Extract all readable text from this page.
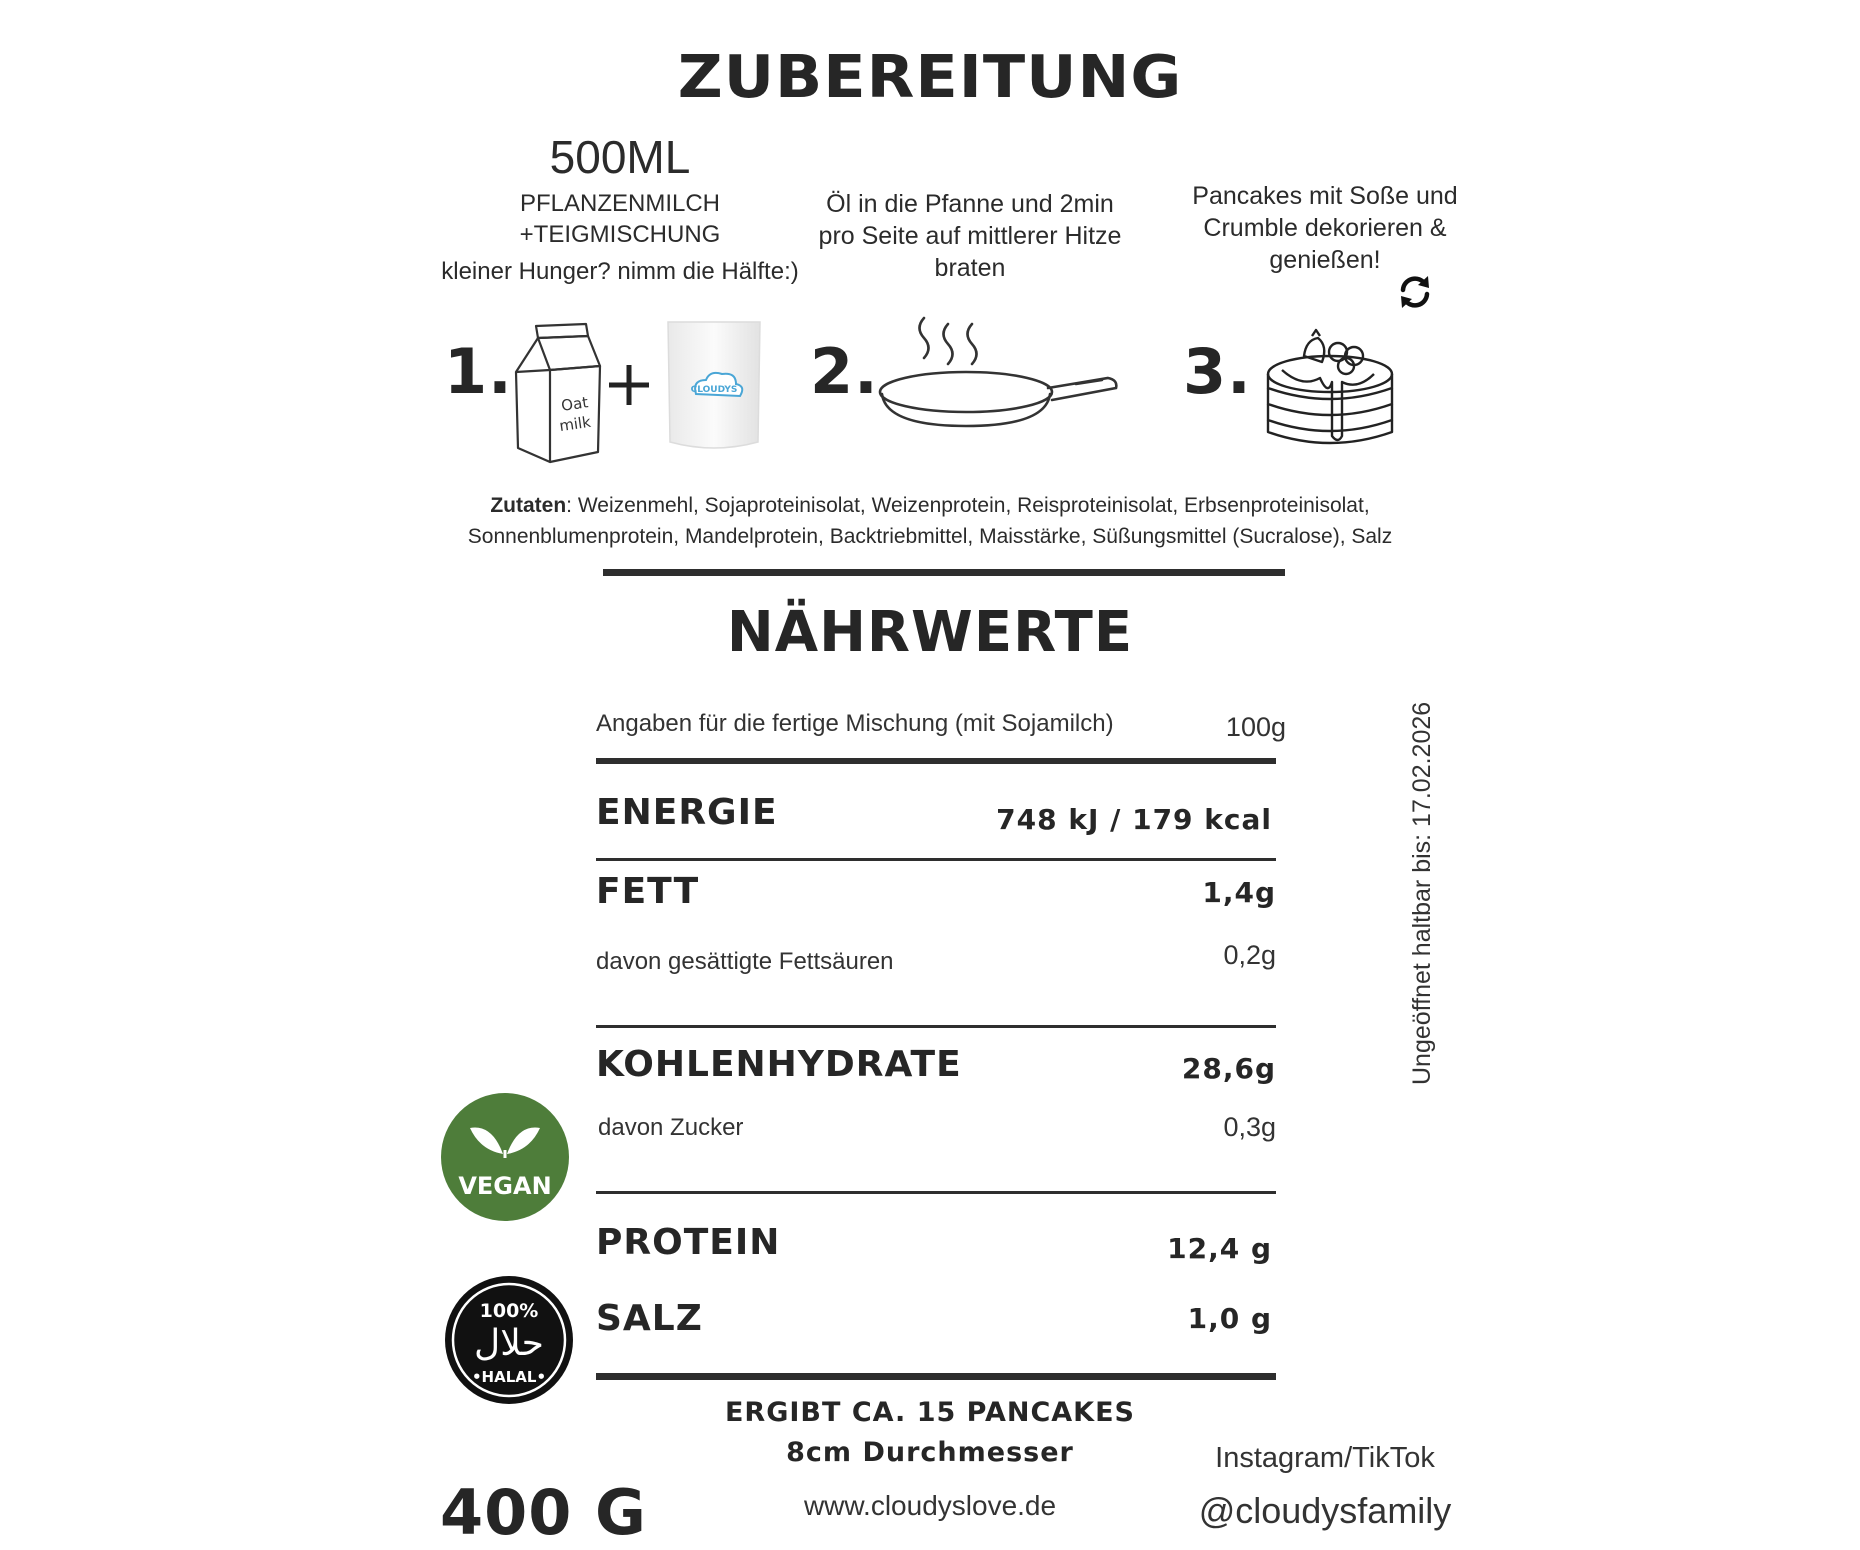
ZUBEREITUNG
500ML
PFLANZENMILCH
+TEIGMISCHUNG
kleiner Hunger? nimm die Hälfte:)
Öl in die Pfanne und 2min
pro Seite auf mittlerer Hitze
braten
Pancakes mit Soße und
Crumble dekorieren &
genießen!
1.	2.	3.
Oat
milk
CLOUDYS
Zutaten: Weizenmehl, Sojaproteinisolat, Weizenprotein, Reisproteinisolat, Erbsenproteinisolat,
Sonnenblumenprotein, Mandelprotein, Backtriebmittel, Maisstärke, Süßungsmittel (Sucralose), Salz
NÄHRWERTE
Angaben für die fertige Mischung (mit Sojamilch)	100g
ENERGIE	748 kJ / 179 kcal
FETT	1,4g
davon gesättigte Fettsäuren	0,2g
KOHLENHYDRATE	28,6g
davon Zucker	0,3g
PROTEIN	12,4 g
SALZ	1,0 g
Ungeöffnet haltbar bis: 17.02.2026
VEGAN
100%
حلال
•HALAL•
ERGIBT CA. 15 PANCAKES
8cm Durchmesser
www.cloudyslove.de
Instagram/TikTok
@cloudysfamily
400 G
